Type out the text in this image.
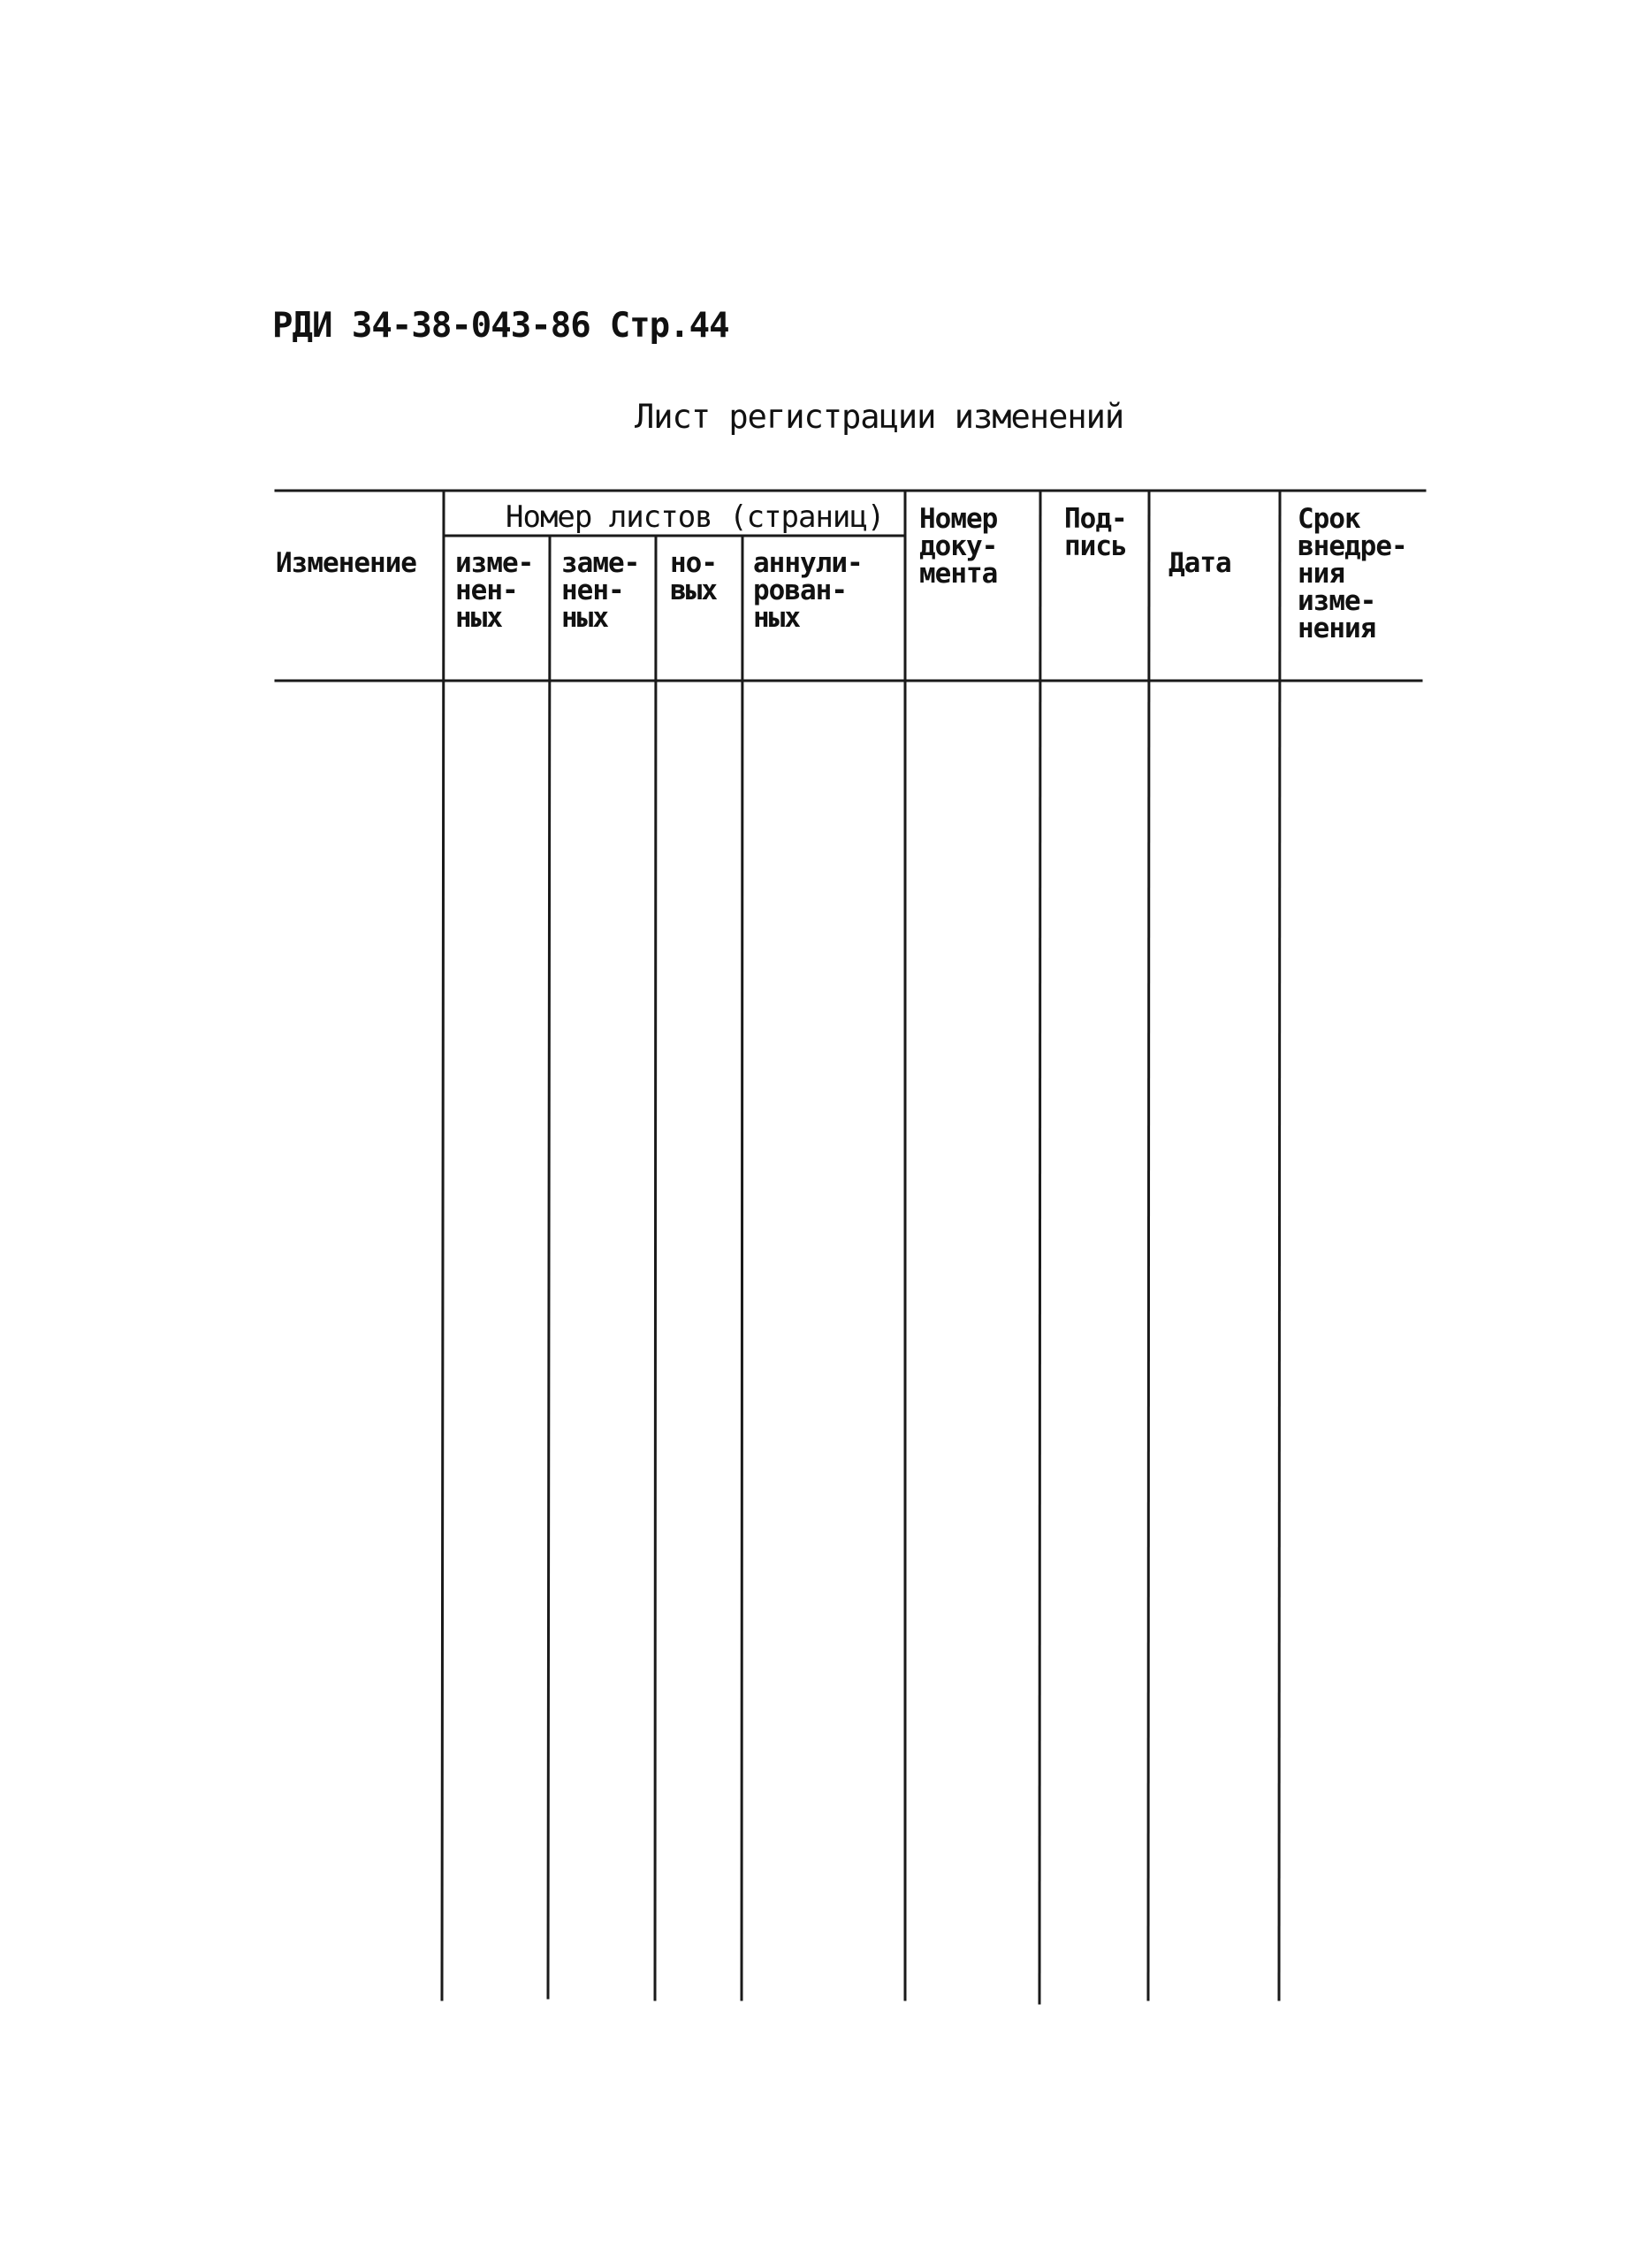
РДИ 34-38-043-86 Стр.44
Лист регистрации изменений
Изменение
Номер листов (страниц)
изме-
нен-
ных
заме-
нен-
ных
но-
вых
аннули-
рован-
ных
Номер
доку-
мента
Под-
пись
Дата
Срок
внедре-
ния
изме-
нения
